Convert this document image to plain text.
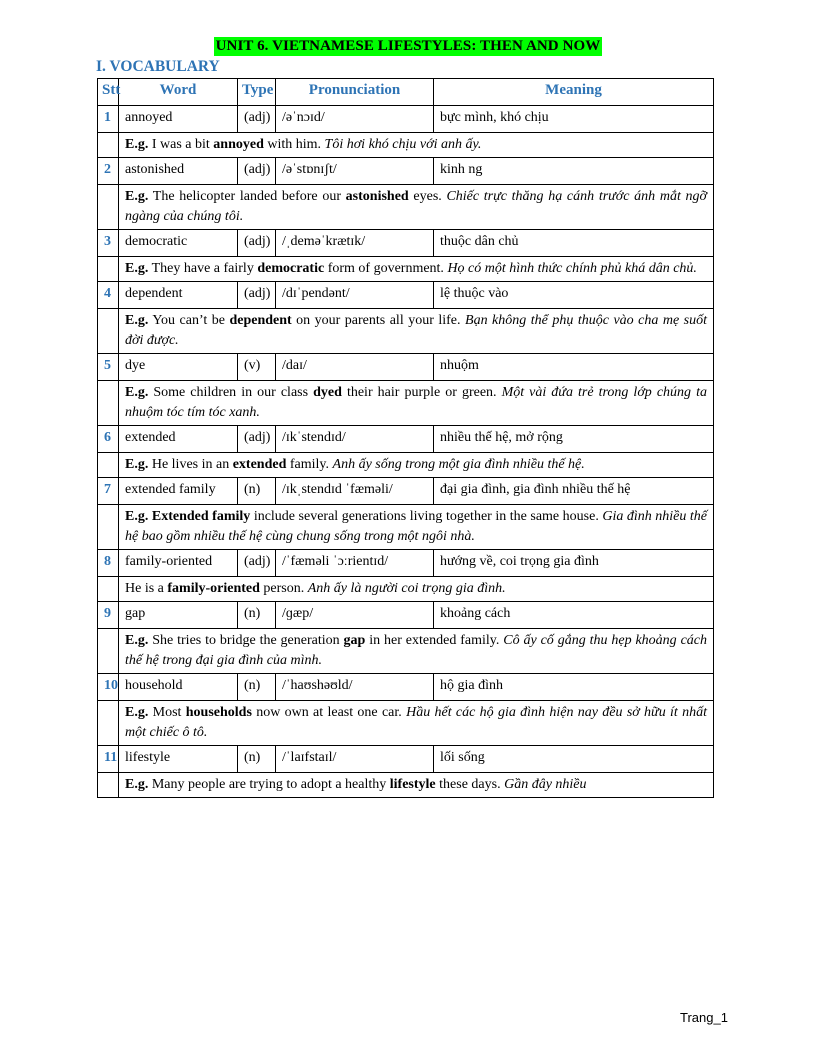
UNIT 6. VIETNAMESE LIFESTYLES: THEN AND NOW
I. VOCABULARY
Stt	Word	Type	Pronunciation	Meaning
1	annoyed	(adj)	/əˈnɔɪd/	bực mình, khó chịu
	E.g. I was a bit annoyed with him. Tôi hơi khó chịu với anh ấy.			
2	astonished	(adj)	/əˈstɒnɪʃt/	kinh ng
	E.g. The helicopter landed before our astonished eyes. Chiếc trực thăng hạ cánh trước ánh mắt ngỡ ngàng của chúng tôi.			
3	democratic	(adj)	/ˌdeməˈkrætɪk/	thuộc dân chủ
	E.g. They have a fairly democratic form of government. Họ có một hình thức chính phủ khá dân chủ.			
4	dependent	(adj)	/dɪˈpendənt/	lệ thuộc vào
	E.g. You can’t be dependent on your parents all your life. Bạn không thể phụ thuộc vào cha mẹ suốt đời được.			
5	dye	(v)	/daɪ/	nhuộm
	E.g. Some children in our class dyed their hair purple or green. Một vài đứa trẻ trong lớp chúng ta nhuộm tóc tím tóc xanh.			
6	extended	(adj)	/ɪkˈstendɪd/	nhiều thế hệ, mở rộng
	E.g. He lives in an extended family. Anh ấy sống trong một gia đình nhiều thế hệ.			
7	extended family	(n)	/ɪkˌstendɪd ˈfæməli/	đại gia đình, gia đình nhiều thế hệ
	E.g. Extended family include several generations living together in the same house. Gia đình nhiều thế hệ bao gồm nhiều thế hệ cùng chung sống trong một ngôi nhà.			
8	family-oriented	(adj)	/ˈfæməli ˈɔːrientɪd/	hướng về, coi trọng gia đình
	He is a family-oriented person. Anh ấy là người coi trọng gia đình.			
9	gap	(n)	/ɡæp/	khoảng cách
	E.g. She tries to bridge the generation gap in her extended family. Cô ấy cố gắng thu hẹp khoảng cách thế hệ trong đại gia đình của mình.			
10	household	(n)	/ˈhaʊshəʊld/	hộ gia đình
	E.g. Most households now own at least one car. Hầu hết các hộ gia đình hiện nay đều sở hữu ít nhất một chiếc ô tô.			
11	lifestyle	(n)	/ˈlaɪfstaɪl/	lối sống
	E.g. Many people are trying to adopt a healthy lifestyle these days. Gần đây nhiều			
Trang_1
